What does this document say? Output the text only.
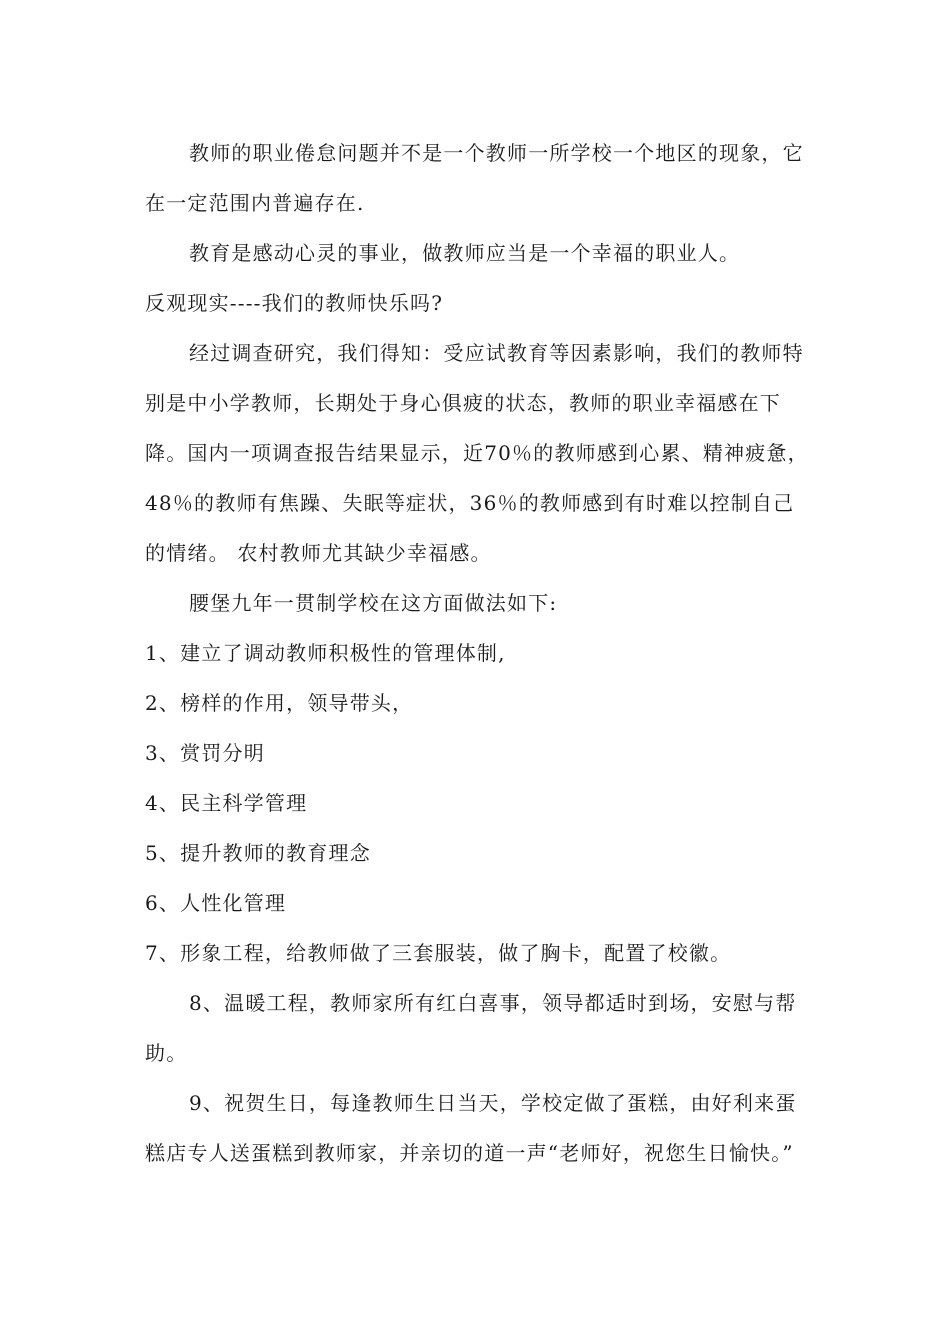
教师的职业倦怠问题并不是一个教师一所学校一个地区的现象，它在一定范围内普遍存在.

教育是感动心灵的事业，做教师应当是一个幸福的职业人。

反观现实----我们的教师快乐吗?

经过调查研究，我们得知：受应试教育等因素影响，我们的教师特别是中小学教师，长期处于身心俱疲的状态，教师的职业幸福感在下降。国内一项调查报告结果显示，近70％的教师感到心累、精神疲惫，48％的教师有焦躁、失眠等症状，36％的教师感到有时难以控制自己的情绪。 农村教师尤其缺少幸福感。

腰堡九年一贯制学校在这方面做法如下:

1、建立了调动教师积极性的管理体制,

2、榜样的作用，领导带头，

3、赏罚分明

4、民主科学管理

5、提升教师的教育理念

6、人性化管理

7、形象工程，给教师做了三套服装，做了胸卡，配置了校徽。

8、温暖工程，教师家所有红白喜事，领导都适时到场，安慰与帮助。

9、祝贺生日，每逢教师生日当天，学校定做了蛋糕，由好利来蛋糕店专人送蛋糕到教师家，并亲切的道一声“老师好，祝您生日愉快。”
